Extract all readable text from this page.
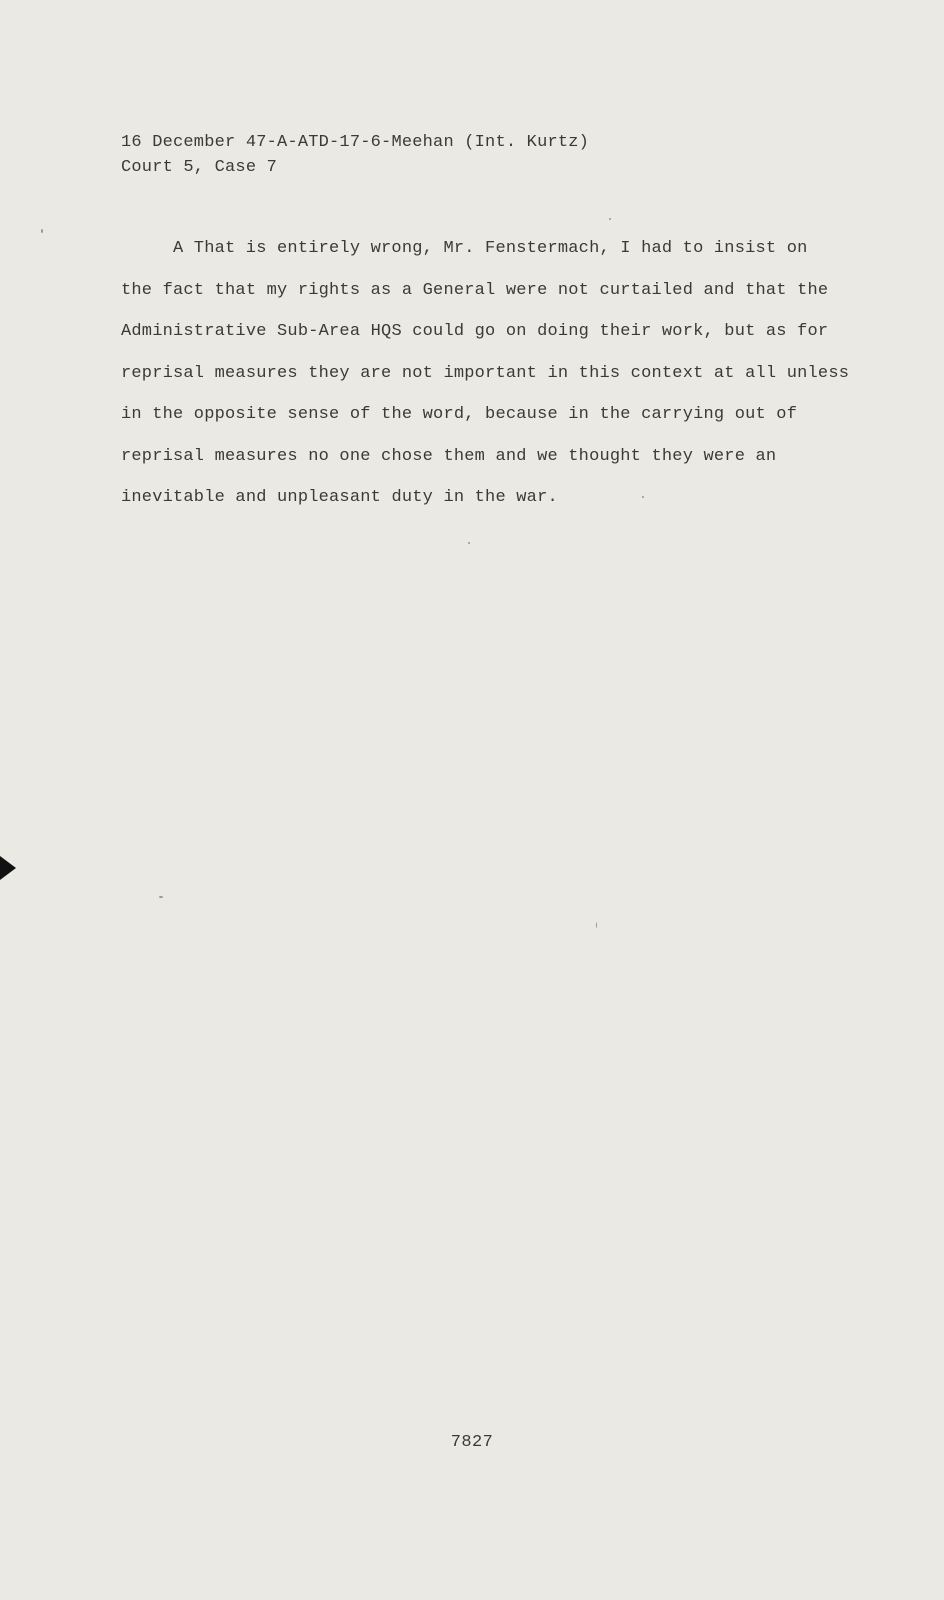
16 December 47-A-ATD-17-6-Meehan (Int. Kurtz)
Court 5, Case 7
A That is entirely wrong, Mr. Fenstermach, I had to insist on
the fact that my rights as a General were not curtailed and that the
Administrative Sub-Area HQS could go on doing their work, but as for
reprisal measures they are not important in this context at all unless
in the opposite sense of the word, because in the carrying out of
reprisal measures no one chose them and we thought they were an
inevitable and unpleasant duty in the war.
7827
